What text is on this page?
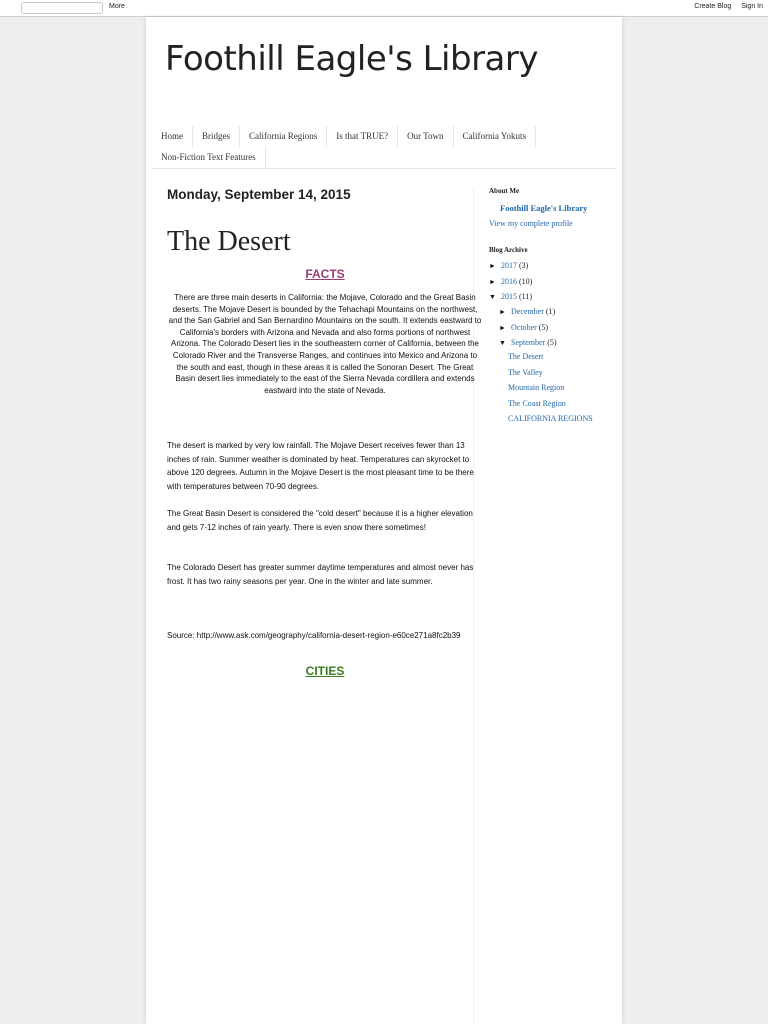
More	Create Blog Sign In
Foothill Eagle's Library
Home	Bridges	California Regions	Is that TRUE?	Our Town	California Yokuts
Non-Fiction Text Features
Monday, September 14, 2015
The Desert
FACTS
There are three main deserts in California: the Mojave, Colorado and the Great Basin deserts. The Mojave Desert is bounded by the Tehachapi Mountains on the northwest, and the San Gabriel and San Bernardino Mountains on the south. It extends eastward to California's borders with Arizona and Nevada and also forms portions of northwest Arizona. The Colorado Desert lies in the southeastern corner of California, between the Colorado River and the Transverse Ranges, and continues into Mexico and Arizona to the south and east, though in these areas it is called the Sonoran Desert. The Great Basin desert lies immediately to the east of the Sierra Nevada cordillera and extends eastward into the state of Nevada.
The desert is marked by very low rainfall. The Mojave Desert receives fewer than 13 inches of rain. Summer weather is dominated by heat. Temperatures can skyrocket to above 120 degrees. Autumn in the Mojave Desert is the most pleasant time to be there with temperatures between 70-90 degrees.
The Great Basin Desert is considered the "cold desert" because it is a higher elevation and gets 7-12 inches of rain yearly. There is even snow there sometimes!
The Colorado Desert has greater summer daytime temperatures and almost never has frost. It has two rainy seasons per year. One in the winter and late summer.
Source: http://www.ask.com/geography/california-desert-region-e60ce271a8fc2b39
CITIES
About Me
Foothill Eagle's Library
View my complete profile
Blog Archive
► 2017 (3)
► 2016 (10)
▼ 2015 (11)
► December (1)
► October (5)
▼ September (5)
The Desert
The Valley
Mountain Region
The Coast Region
CALIFORNIA REGIONS
